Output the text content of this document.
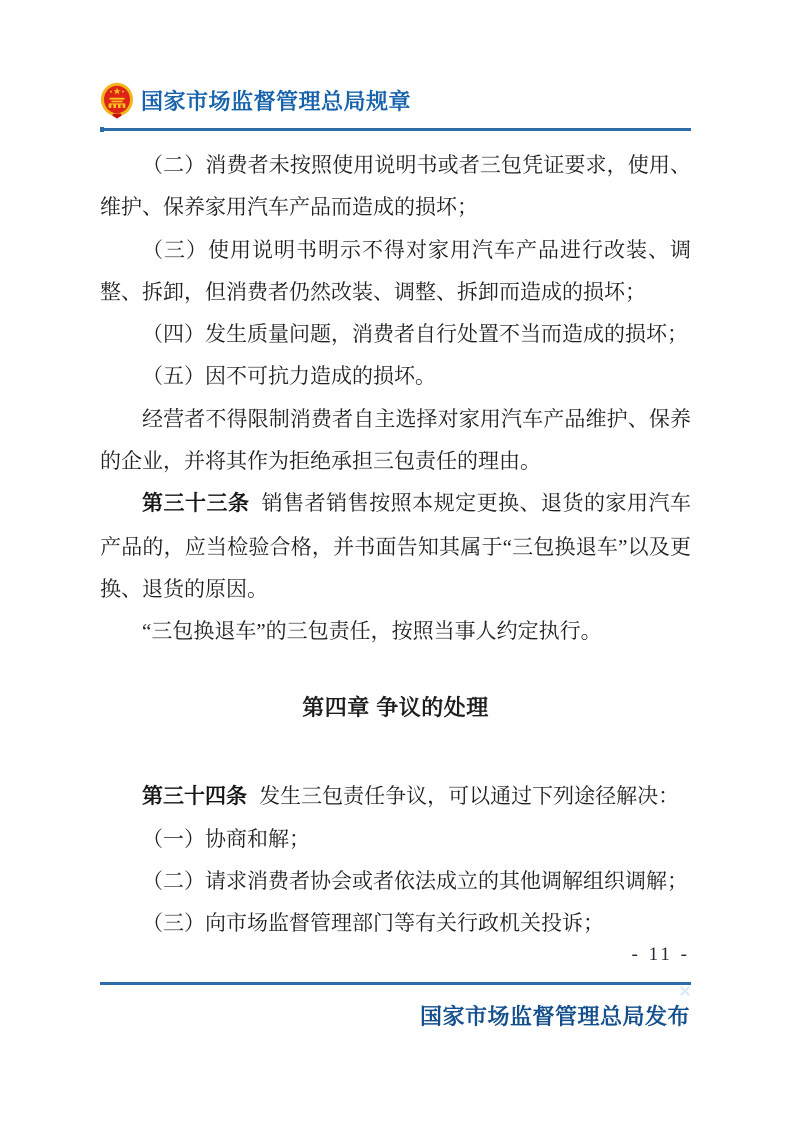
国家市场监督管理总局规章

（二）消费者未按照使用说明书或者三包凭证要求，使用、维护、保养家用汽车产品而造成的损坏；

（三）使用说明书明示不得对家用汽车产品进行改装、调整、拆卸，但消费者仍然改装、调整、拆卸而造成的损坏；

（四）发生质量问题，消费者自行处置不当而造成的损坏；

（五）因不可抗力造成的损坏。

经营者不得限制消费者自主选择对家用汽车产品维护、保养的企业，并将其作为拒绝承担三包责任的理由。

第三十三条 销售者销售按照本规定更换、退货的家用汽车产品的，应当检验合格，并书面告知其属于“三包换退车”以及更换、退货的原因。

“三包换退车”的三包责任，按照当事人约定执行。

第四章 争议的处理

第三十四条 发生三包责任争议，可以通过下列途径解决：

（一）协商和解；

（二）请求消费者协会或者依法成立的其他调解组织调解；

（三）向市场监督管理部门等有关行政机关投诉；

- 11 -
国家市场监督管理总局发布
